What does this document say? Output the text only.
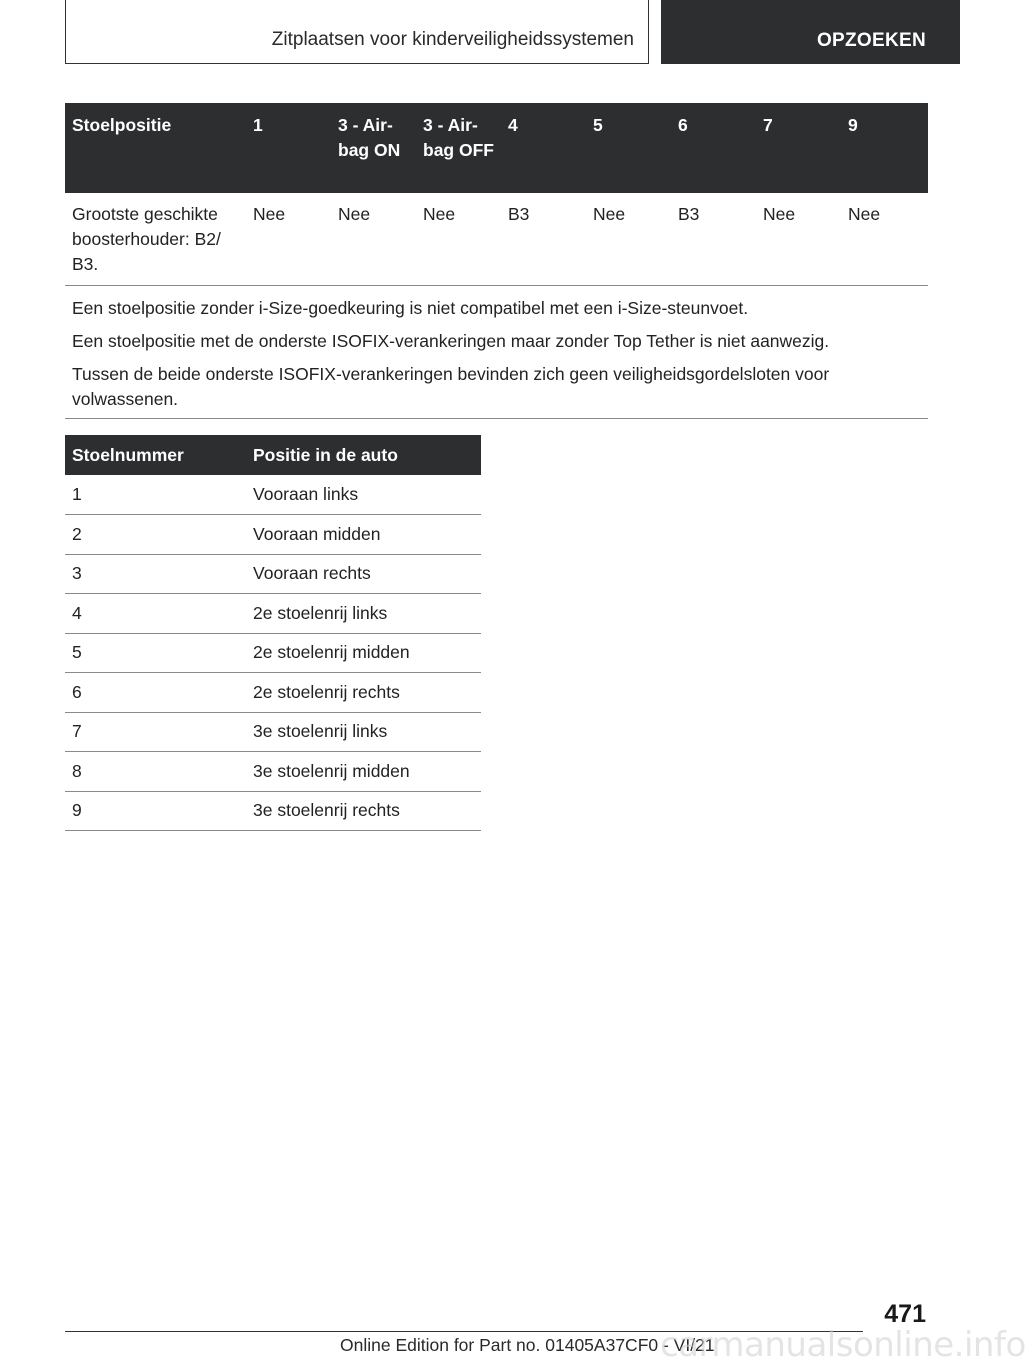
Zitplaatsen voor kinderveiligheidssystemen	OPZOEKEN
Stoelpositie	1	3 - Air-bag ON	3 - Air-bag OFF	4	5	6	7	9
Grootste geschikte boosterhouder: B2/ B3.	Nee	Nee	Nee	B3	Nee	B3	Nee	Nee

Een stoelpositie zonder i-Size-goedkeuring is niet compatibel met een i-Size-steunvoet.

Een stoelpositie met de onderste ISOFIX-verankeringen maar zonder Top Tether is niet aanwezig.

Tussen de beide onderste ISOFIX-verankeringen bevinden zich geen veiligheidsgordelsloten voor volwassenen.								

Stoelnummer	Positie in de auto
1	Vooraan links
2	Vooraan midden
3	Vooraan rechts
4	2e stoelenrij links
5	2e stoelenrij midden
6	2e stoelenrij rechts
7	3e stoelenrij links
8	3e stoelenrij midden
9	3e stoelenrij rechts
471
Online Edition for Part no. 01405A37CF0 - VI/21
carmanualsonline.info
